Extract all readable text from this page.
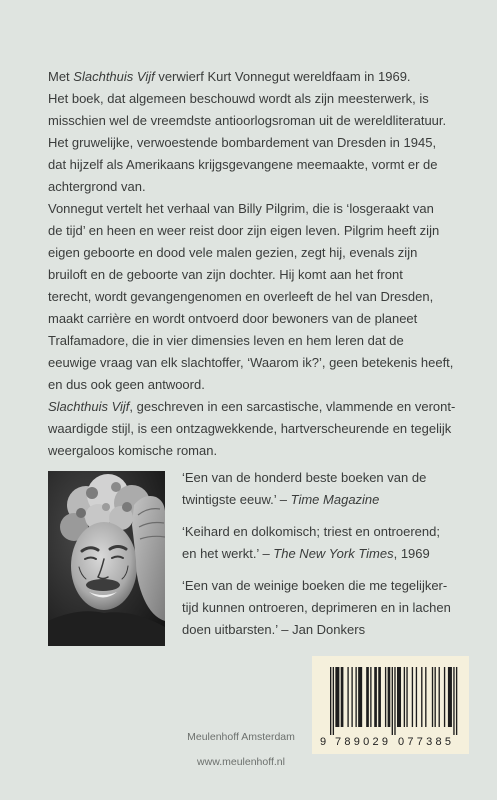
Met Slachthuis Vijf verwierf Kurt Vonnegut wereldfaam in 1969.
Het boek, dat algemeen beschouwd wordt als zijn meesterwerk, is
misschien wel de vreemdste antioorlogsroman uit de wereldliteratuur.
Het gruwelijke, verwoestende bombardement van Dresden in 1945,
dat hijzelf als Amerikaans krijgsgevangene meemaakte, vormt er de
achtergrond van.
Vonnegut vertelt het verhaal van Billy Pilgrim, die is ‘losgeraakt van
de tijd’ en heen en weer reist door zijn eigen leven. Pilgrim heeft zijn
eigen geboorte en dood vele malen gezien, zegt hij, evenals zijn
bruiloft en de geboorte van zijn dochter. Hij komt aan het front
terecht, wordt gevangengenomen en overleeft de hel van Dresden,
maakt carrière en wordt ontvoerd door bewoners van de planeet
Tralfamadore, die in vier dimensies leven en hem leren dat de
eeuwige vraag van elk slachtoffer, ‘Waarom ik?’, geen betekenis heeft,
en dus ook geen antwoord.
Slachthuis Vijf, geschreven in een sarcastische, vlammende en veront-
waardigde stijl, is een ontzagwekkende, hartverscheurende en tegelijk
weergaloos komische roman.
‘Een van de honderd beste boeken van de
twintigste eeuw.’ – Time Magazine
‘Keihard en dolkomisch; triest en ontroerend;
en het werkt.’ – The New York Times, 1969
‘Een van de weinige boeken die me tegelijker-
tijd kunnen ontroeren, deprimeren en in lachen
doen uitbarsten.’ – Jan Donkers
Meulenhoff Amsterdam
www.meulenhoff.nl
9 789029 077385
